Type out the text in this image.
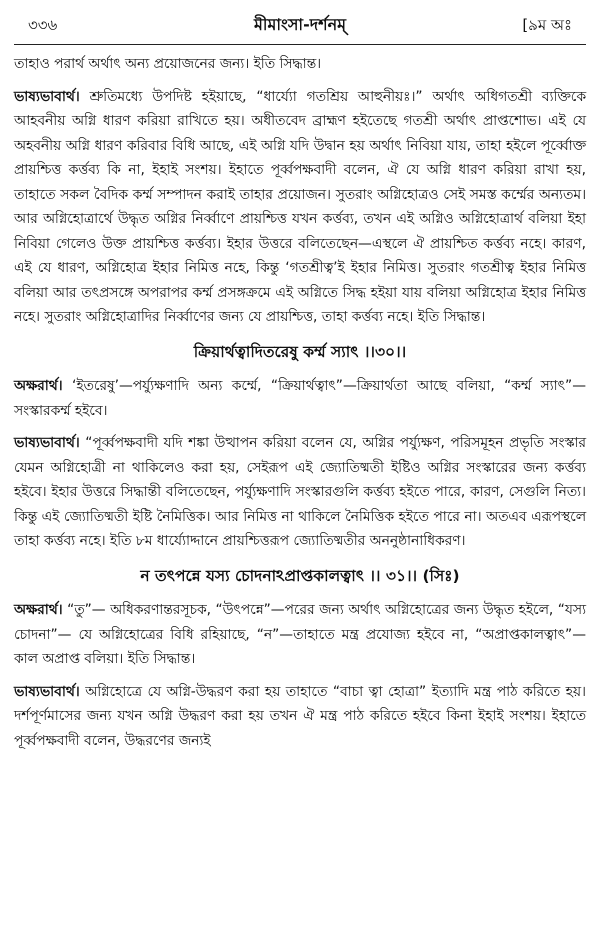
৩৩৬	মীমাংসা-দর্শনম্	[৯ম অঃ

তাহাও পরার্থ অর্থাৎ অন্য প্রয়োজনের জন্য। ইতি সিদ্ধান্ত।

ভাষ্যভাবার্থ। শ্রুতিমধ্যে উপদিষ্ট হইয়াছে, “ধার্য্যো গতশ্রিয় আহুনীয়ঃ।” অর্থাৎ অধিগতশ্রী ব্যক্তিকে আহবনীয় অগ্নি ধারণ করিয়া রাখিতে হয়। অধীতবেদ ব্রাহ্মণ হইতেছে গতশ্রী অর্থাৎ প্রাপ্তশোভ। এই যে অহবনীয় অগ্নি ধারণ করিবার বিধি আছে, এই অগ্নি যদি উদ্বান হয় অর্থাৎ নিবিয়া যায়, তাহা হইলে পূর্ব্বোক্ত প্রায়শ্চিত্ত কর্ত্তব্য কি না, ইহাই সংশয়। ইহাতে পূর্ব্বপক্ষবাদী বলেন, ঐ যে অগ্নি ধারণ করিয়া রাখা হয়, তাহাতে সকল বৈদিক কর্ম্ম সম্পাদন করাই তাহার প্রয়োজন। সুতরাং অগ্নিহোত্রও সেই সমস্ত কর্ম্মের অন্যতম। আর অগ্নিহোত্রার্থে উদ্ধৃত অগ্নির নির্ব্বাণে প্রায়শ্চিত্ত যখন কর্ত্তব্য, তখন এই অগ্নিও অগ্নিহোত্রার্থ বলিয়া ইহা নিবিয়া গেলেও উক্ত প্রায়শ্চিত্ত কর্ত্তব্য। ইহার উত্তরে বলিতেছেন—এস্থলে ঐ প্রায়শ্চিত কর্ত্তব্য নহে। কারণ, এই যে ধারণ, অগ্নিহোত্র ইহার নিমিত্ত নহে, কিন্তু ‘গতশ্রীত্ব’ই ইহার নিমিত্ত। সুতরাং গতশ্রীত্ব ইহার নিমিত্ত বলিয়া আর তৎপ্রসঙ্গে অপরাপর কর্ম্ম প্রসঙ্গক্রমে এই অগ্নিতে সিদ্ধ হইয়া যায় বলিয়া অগ্নিহোত্র ইহার নিমিত্ত নহে। সুতরাং অগ্নিহোত্রাদির নির্ব্বাণের জন্য যে প্রায়শ্চিত্ত, তাহা কর্ত্তব্য নহে। ইতি সিদ্ধান্ত।

ক্রিয়ার্থত্বাদিতরেষু কর্ম্ম স্যাৎ ।।৩০।।

অক্ষরার্থ। ‘ইতরেষু’—পর্য্যুক্ষণাদি অন্য কর্ম্মে, “ক্রিয়ার্থত্বাৎ”—ক্রিয়ার্থতা আছে বলিয়া, “কর্ম্ম স্যাৎ”—সংস্কারকর্ম্ম হইবে।

ভাষ্যভাবার্থ। “পূর্ব্বপক্ষবাদী যদি শঙ্কা উত্থাপন করিয়া বলেন যে, অগ্নির পর্য্যুক্ষণ, পরিসমূহন প্রভৃতি সংস্কার যেমন অগ্নিহোত্রী না থাকিলেও করা হয়, সেইরূপ এই জ্যোতিষ্মতী ইষ্টিও অগ্নির সংস্কারের জন্য কর্ত্তব্য হইবে। ইহার উত্তরে সিদ্ধান্তী বলিতেছেন, পর্য্যুক্ষণাদি সংস্কারগুলি কর্ত্তব্য হইতে পারে, কারণ, সেগুলি নিত্য। কিন্তু এই জ্যোতিষ্মতী ইষ্টি নৈমিত্তিক। আর নিমিত্ত না থাকিলে নৈমিত্তিক হইতে পারে না। অতএব এরূপস্থলে তাহা কর্ত্তব্য নহে। ইতি ৮ম ধার্য্যোদ্দানে প্রায়শ্চিত্তরূপ জ্যোতিষ্মতীর অননুষ্ঠানাধিকরণ।

ন তৎপন্নে যস্য চোদনাঽপ্রাপ্তকালত্বাৎ ।। ৩১।। (সিঃ)

অক্ষরার্থ। “তু”— অধিকরণান্তরসূচক, “উৎপন্নে”—পরের জন্য অর্থাৎ অগ্নিহোত্রের জন্য উদ্ধৃত হইলে, “যস্য চোদনা”— যে অগ্নিহোত্রের বিধি রহিয়াছে, “ন”—তাহাতে মন্ত্র প্রযোজ্য হইবে না, “অপ্রাপ্তকালত্বাৎ”— কাল অপ্রাপ্ত বলিয়া। ইতি সিদ্ধান্ত।

ভাষ্যভাবার্থ। অগ্নিহোত্রে যে অগ্নি-উদ্ধরণ করা হয় তাহাতে “বাচা ত্বা হোত্রা” ইত্যাদি মন্ত্র পাঠ করিতে হয়। দর্শপূর্ণমাসের জন্য যখন অগ্নি উদ্ধরণ করা হয় তখন ঐ মন্ত্র পাঠ করিতে হইবে কিনা ইহাই সংশয়। ইহাতে পূর্ব্বপক্ষবাদী বলেন, উদ্ধরণের জন্যই
